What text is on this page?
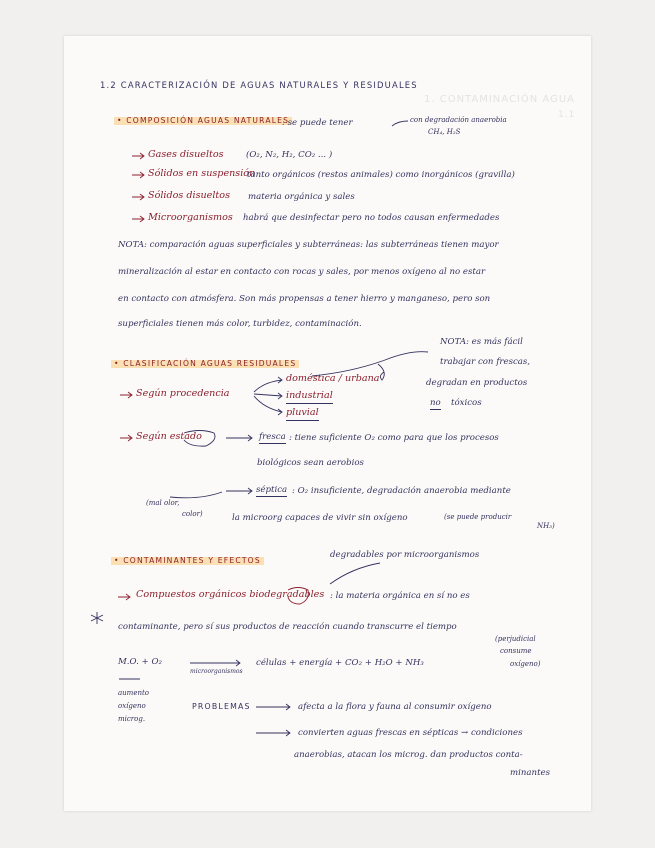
1. CONTAMINACIÓN AGUA
1.1
1.2 CARACTERIZACIÓN DE AGUAS NATURALES Y RESIDUALES
• COMPOSICIÓN AGUAS NATURALES
: se puede tener	con degradación anaerobia
CH₄, H₂S
Gases disueltos	(O₂, N₂, H₂, CO₂ ... )
Sólidos en suspensión
tanto orgánicos (restos animales) como inorgánicos (gravilla)
Sólidos disueltos materia orgánica y sales
Microorganismos habrá que desinfectar pero no todos causan enfermedades
NOTA: comparación aguas superficiales y subterráneas: las subterráneas tienen mayor
mineralización al estar en contacto con rocas y sales, por menos oxígeno al no estar
en contacto con atmósfera. Son más propensas a tener hierro y manganeso, pero son
superficiales tienen más color, turbidez, contaminación.
• CLASIFICACIÓN AGUAS RESIDUALES
NOTA: es más fácil
trabajar con frescas,
degradan en productos
no tóxicos
Según procedencia
doméstica / urbana
industrial
pluvial
Según estado	fresca : tiene suficiente O₂ como para que los procesos
biológicos sean aerobios
(mal olor,
color)
séptica : O₂ insuficiente, degradación anaerobia mediante
la microorg capaces de vivir sin oxígeno	(se puede producir
NH₃)
degradables por microorganismos
• CONTAMINANTES Y EFECTOS
Compuestos orgánicos biodegradables : la materia orgánica en sí no es
contaminante, pero sí sus productos de reacción cuando transcurre el tiempo
(perjudicial
consume
oxígeno)
M.O. + O₂	células + energía + CO₂ + H₂O + NH₃
microorganismos
aumento
oxígeno
microg.
PROBLEMAS	afecta a la flora y fauna al consumir oxígeno
convierten aguas frescas en sépticas → condiciones
anaerobias, atacan los microg. dan productos conta-
minantes
